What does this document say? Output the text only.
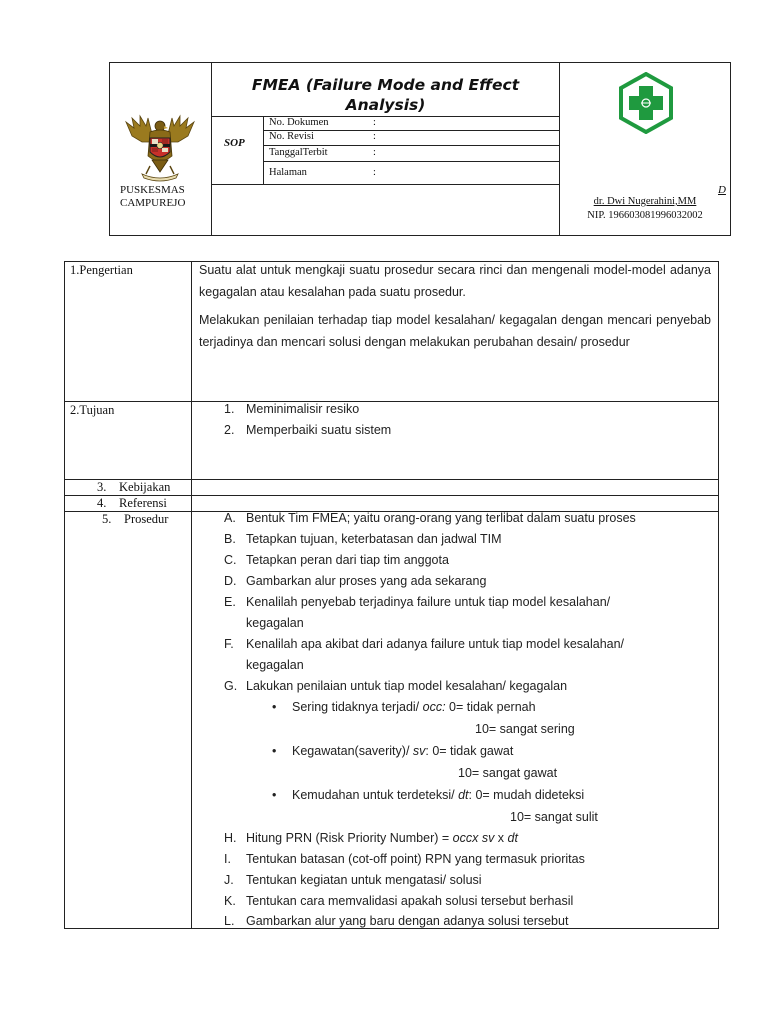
PUSKESMAS
CAMPUREJO
FMEA (Failure Mode and Effect
Analysis)
SOP
No. Dokumen	:
No. Revisi	:
TanggalTerbit	:
Halaman	:
D
dr. Dwi Nugerahini,MM
NIP. 196603081996032002
1.Pengertian	Suatu alat untuk mengkaji suatu prosedur secara rinci dan mengenali model-model adanya kegagalan atau kesalahan pada suatu prosedur.
Melakukan penilaian terhadap tiap model kesalahan/ kegagalan dengan mencari penyebab terjadinya dan mencari solusi dengan melakukan perubahan desain/ prosedur
2.Tujuan	1. Meminimalisir resiko
2. Memperbaiki suatu sistem
3. Kebijakan
4. Referensi
5. Prosedur	A. Bentuk Tim FMEA; yaitu orang-orang yang terlibat dalam suatu proses
B. Tetapkan tujuan, keterbatasan dan jadwal TIM
C. Tetapkan peran dari tiap tim anggota
D. Gambarkan alur proses yang ada sekarang
E. Kenalilah penyebab terjadinya failure untuk tiap model kesalahan/
kegagalan
F. Kenalilah apa akibat dari adanya failure untuk tiap model kesalahan/
kegagalan
G. Lakukan penilaian untuk tiap model kesalahan/ kegagalan
• Sering tidaknya terjadi/ occ: 0= tidak pernah
10= sangat sering
• Kegawatan(saverity)/ sv: 0= tidak gawat
10= sangat gawat
• Kemudahan untuk terdeteksi/ dt: 0= mudah dideteksi
10= sangat sulit
H. Hitung PRN (Risk Priority Number) = occx sv x dt
I. Tentukan batasan (cot-off point) RPN yang termasuk prioritas
J. Tentukan kegiatan untuk mengatasi/ solusi
K. Tentukan cara memvalidasi apakah solusi tersebut berhasil
L. Gambarkan alur yang baru dengan adanya solusi tersebut
